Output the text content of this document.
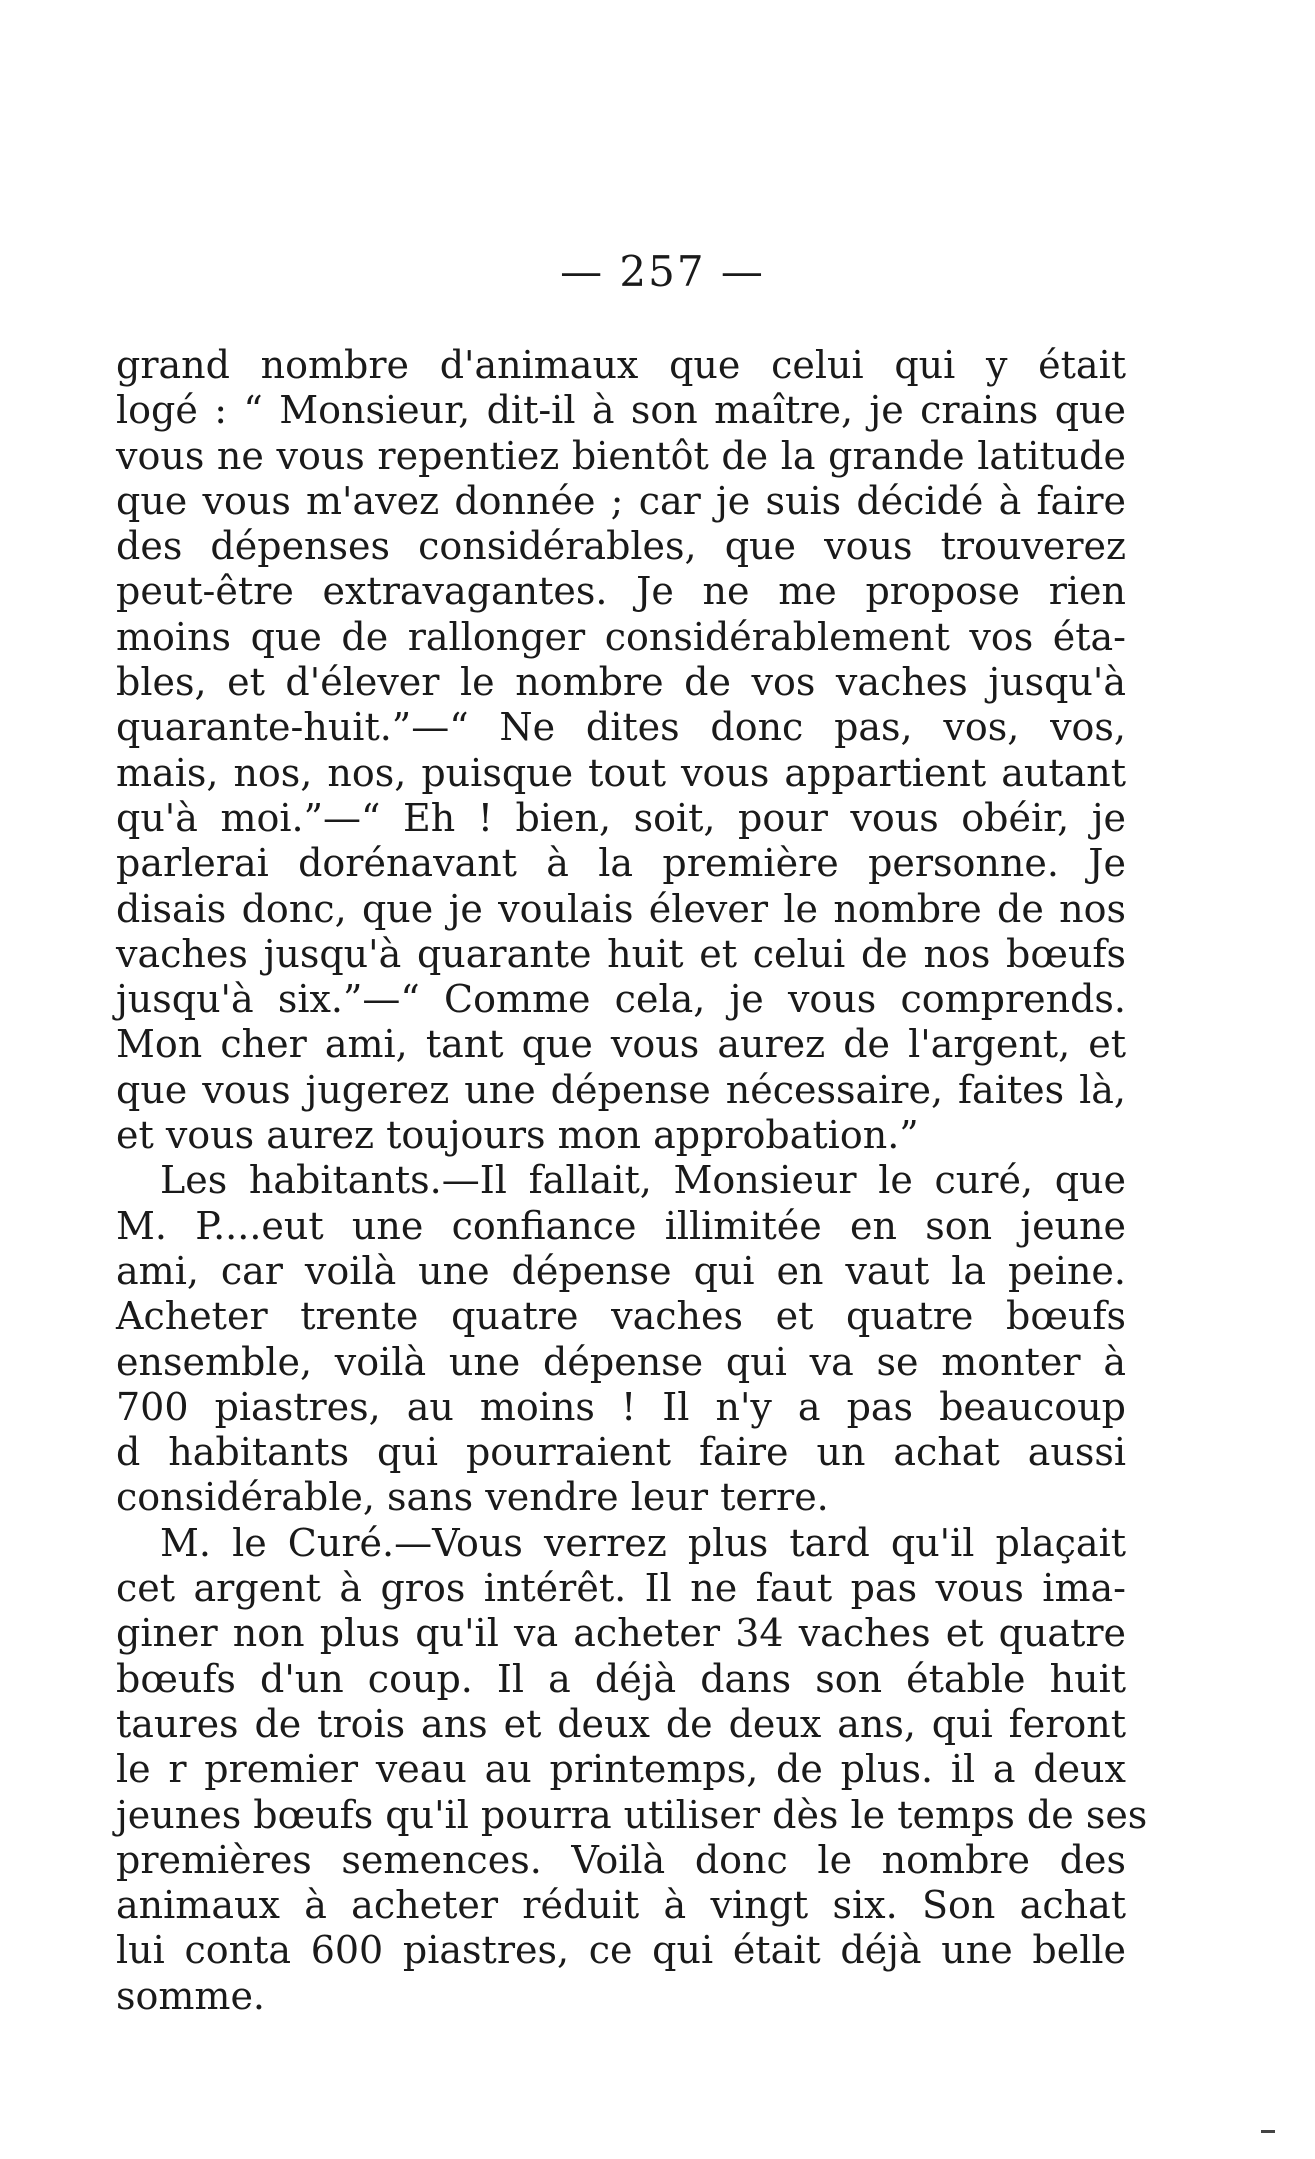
— 257 —
grand nombre d'animaux que celui qui y était
logé : “ Monsieur, dit-il à son maître, je crains que
vous ne vous repentiez bientôt de la grande latitude
que vous m'avez donnée ; car je suis décidé à faire
des dépenses considérables, que vous trouverez
peut-être extravagantes. Je ne me propose rien
moins que de rallonger considérablement vos éta-
bles, et d'élever le nombre de vos vaches jusqu'à
quarante-huit.”—“ Ne dites donc pas, vos, vos,
mais, nos, nos, puisque tout vous appartient autant
qu'à moi.”—“ Eh ! bien, soit, pour vous obéir, je
parlerai dorénavant à la première personne. Je
disais donc, que je voulais élever le nombre de nos
vaches jusqu'à quarante huit et celui de nos bœufs
jusqu'à six.”—“ Comme cela, je vous comprends.
Mon cher ami, tant que vous aurez de l'argent, et
que vous jugerez une dépense nécessaire, faites là,
et vous aurez toujours mon approbation.”
Les habitants.—Il fallait, Monsieur le curé, que
M. P....eut une confiance illimitée en son jeune
ami, car voilà une dépense qui en vaut la peine.
Acheter trente quatre vaches et quatre bœufs
ensemble, voilà une dépense qui va se monter à
700 piastres, au moins ! Il n'y a pas beaucoup
d habitants qui pourraient faire un achat aussi
considérable, sans vendre leur terre.
M. le Curé.—Vous verrez plus tard qu'il plaçait
cet argent à gros intérêt. Il ne faut pas vous ima-
giner non plus qu'il va acheter 34 vaches et quatre
bœufs d'un coup. Il a déjà dans son étable huit
taures de trois ans et deux de deux ans, qui feront
le r premier veau au printemps, de plus. il a deux
jeunes bœufs qu'il pourra utiliser dès le temps de ses
premières semences. Voilà donc le nombre des
animaux à acheter réduit à vingt six. Son achat
lui conta 600 piastres, ce qui était déjà une belle
somme.
